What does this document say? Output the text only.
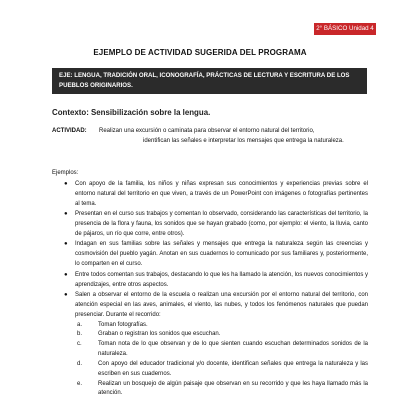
2° BÁSICO Unidad 4
EJEMPLO DE ACTIVIDAD SUGERIDA DEL PROGRAMA
EJE: LENGUA, TRADICIÓN ORAL, ICONOGRAFÍA, PRÁCTICAS DE LECTURA Y ESCRITURA DE LOS PUEBLOS ORIGINARIOS.
Contexto: Sensibilización sobre la lengua.
ACTIVIDAD:	Realizan una excursión o caminata para observar el entorno natural del territorio,
identifican las señales e interpretar los mensajes que entrega la naturaleza.
Ejemplos:
● Con apoyo de la familia, los niños y niñas expresan sus conocimientos y experiencias previas sobre el entorno natural del territorio en que viven, a través de un PowerPoint con imágenes o fotografías pertinentes al tema.
● Presentan en el curso sus trabajos y comentan lo observado, considerando las características del territorio, la presencia de la flora y fauna, los sonidos que se hayan grabado (como, por ejemplo: el viento, la lluvia, canto de pájaros, un río que corre, entre otros).
● Indagan en sus familias sobre las señales y mensajes que entrega la naturaleza según las creencias y cosmovisión del pueblo yagán. Anotan en sus cuadernos lo comunicado por sus familiares y, posteriormente, lo comparten en el curso.
● Entre todos comentan sus trabajos, destacando lo que les ha llamado la atención, los nuevos conocimientos y aprendizajes, entre otros aspectos.
● Salen a observar el entorno de la escuela o realizan una excursión por el entorno natural del territorio, con atención especial en las aves, animales, el viento, las nubes, y todos los fenómenos naturales que puedan presenciar. Durante el recorrido:
a.	Toman fotografías.
b.	Graban o registran los sonidos que escuchan.
c.	Toman nota de lo que observan y de lo que sienten cuando escuchan determinados sonidos de la naturaleza.
d.	Con apoyo del educador tradicional y/o docente, identifican señales que entrega la naturaleza y las escriben en sus cuadernos.
e.	Realizan un bosquejo de algún paisaje que observan en su recorrido y que les haya llamado más la atención.
